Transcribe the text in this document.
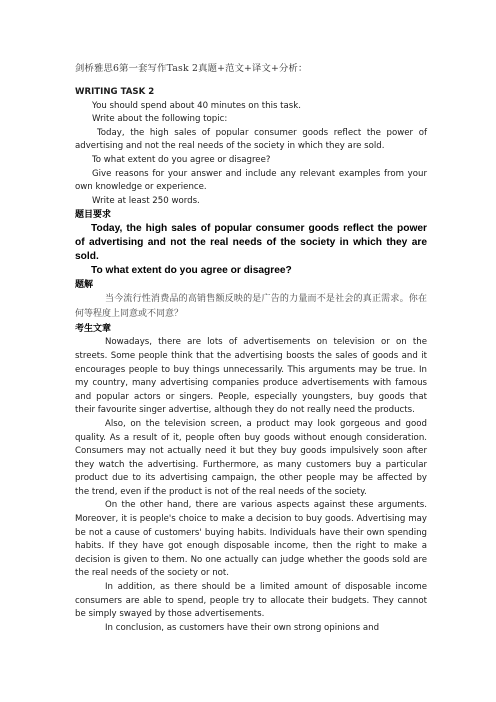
剑桥雅思6第一套写作Task 2真题+范文+译文+分析：

WRITING TASK 2

You should spend about 40 minutes on this task.

Write about the following topic:

Today, the high sales of popular consumer goods reflect the power of advertising and not the real needs of the society in which they are sold.

To what extent do you agree or disagree?

Give reasons for your answer and include any relevant examples from your own knowledge or experience.

Write at least 250 words.

题目要求

Today, the high sales of popular consumer goods reflect the power of advertising and not the real needs of the society in which they are sold.

To what extent do you agree or disagree?

题解

当今流行性消费品的高销售额反映的是广告的力量而不是社会的真正需求。你在何等程度上同意或不同意？

考生文章

Nowadays, there are lots of advertisements on television or on the streets. Some people think that the advertising boosts the sales of goods and it encourages people to buy things unnecessarily. This arguments may be true. In my country, many advertising companies produce advertisements with famous and popular actors or singers. People, especially youngsters, buy goods that their favourite singer advertise, although they do not really need the products.

Also, on the television screen, a product may look gorgeous and good quality. As a result of it, people often buy goods without enough consideration. Consumers may not actually need it but they buy goods impulsively soon after they watch the advertising. Furthermore, as many customers buy a particular product due to its advertising campaign, the other people may be affected by the trend, even if the product is not of the real needs of the society.

On the other hand, there are various aspects against these arguments. Moreover, it is people's choice to make a decision to buy goods. Advertising may be not a cause of customers' buying habits. Individuals have their own spending habits. If they have got enough disposable income, then the right to make a decision is given to them. No one actually can judge whether the goods sold are the real needs of the society or not.

In addition, as there should be a limited amount of disposable income consumers are able to spend, people try to allocate their budgets. They cannot be simply swayed by those advertisements.

In conclusion, as customers have their own strong opinions and
